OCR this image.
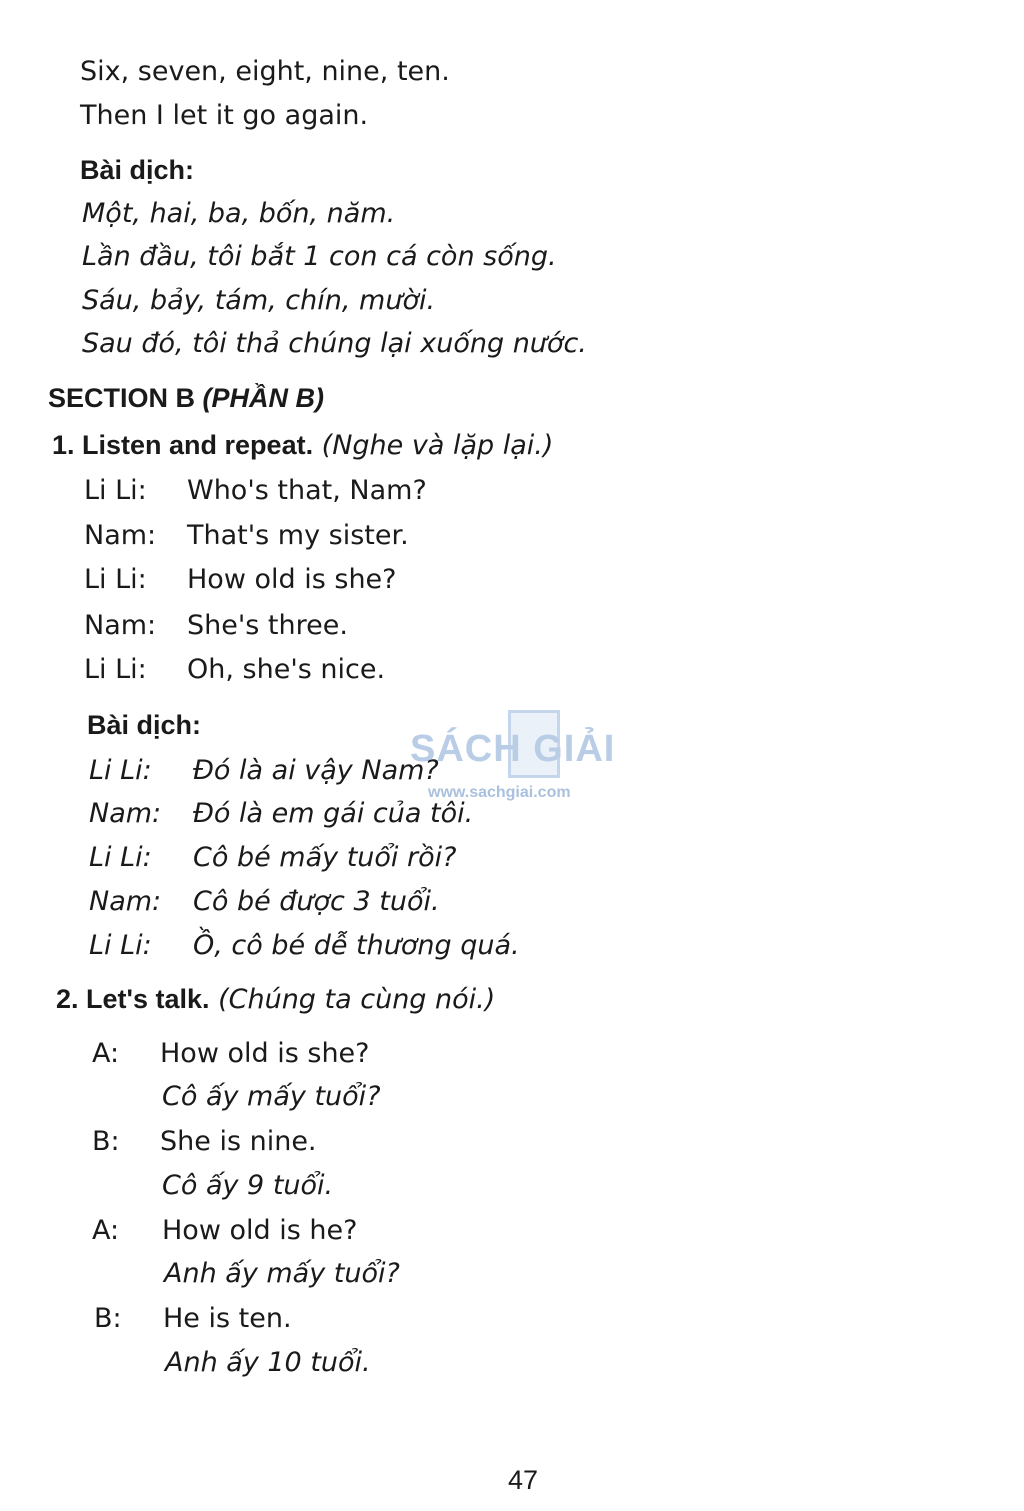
Six, seven, eight, nine, ten.
Then I let it go again.
Bài dịch:
Một, hai, ba, bốn, năm.
Lần đầu, tôi bắt 1 con cá còn sống.
Sáu, bảy, tám, chín, mười.
Sau đó, tôi thả chúng lại xuống nước.
SECTION B (PHẦN B)
1. Listen and repeat. (Nghe và lặp lại.)
Li Li: Who's that, Nam?
Nam: That's my sister.
Li Li: How old is she?
Nam: She's three.
Li Li: Oh, she's nice.
SÁCH GIẢI
www.sachgiai.com
Bài dịch:
Li Li: Đó là ai vậy Nam?
Nam: Đó là em gái của tôi.
Li Li: Cô bé mấy tuổi rồi?
Nam: Cô bé được 3 tuổi.
Li Li: Ồ, cô bé dễ thương quá.
2. Let's talk. (Chúng ta cùng nói.)
A: How old is she?
Cô ấy mấy tuổi?
B: She is nine.
Cô ấy 9 tuổi.
A: How old is he?
Anh ấy mấy tuổi?
B: He is ten.
Anh ấy 10 tuổi.
47
